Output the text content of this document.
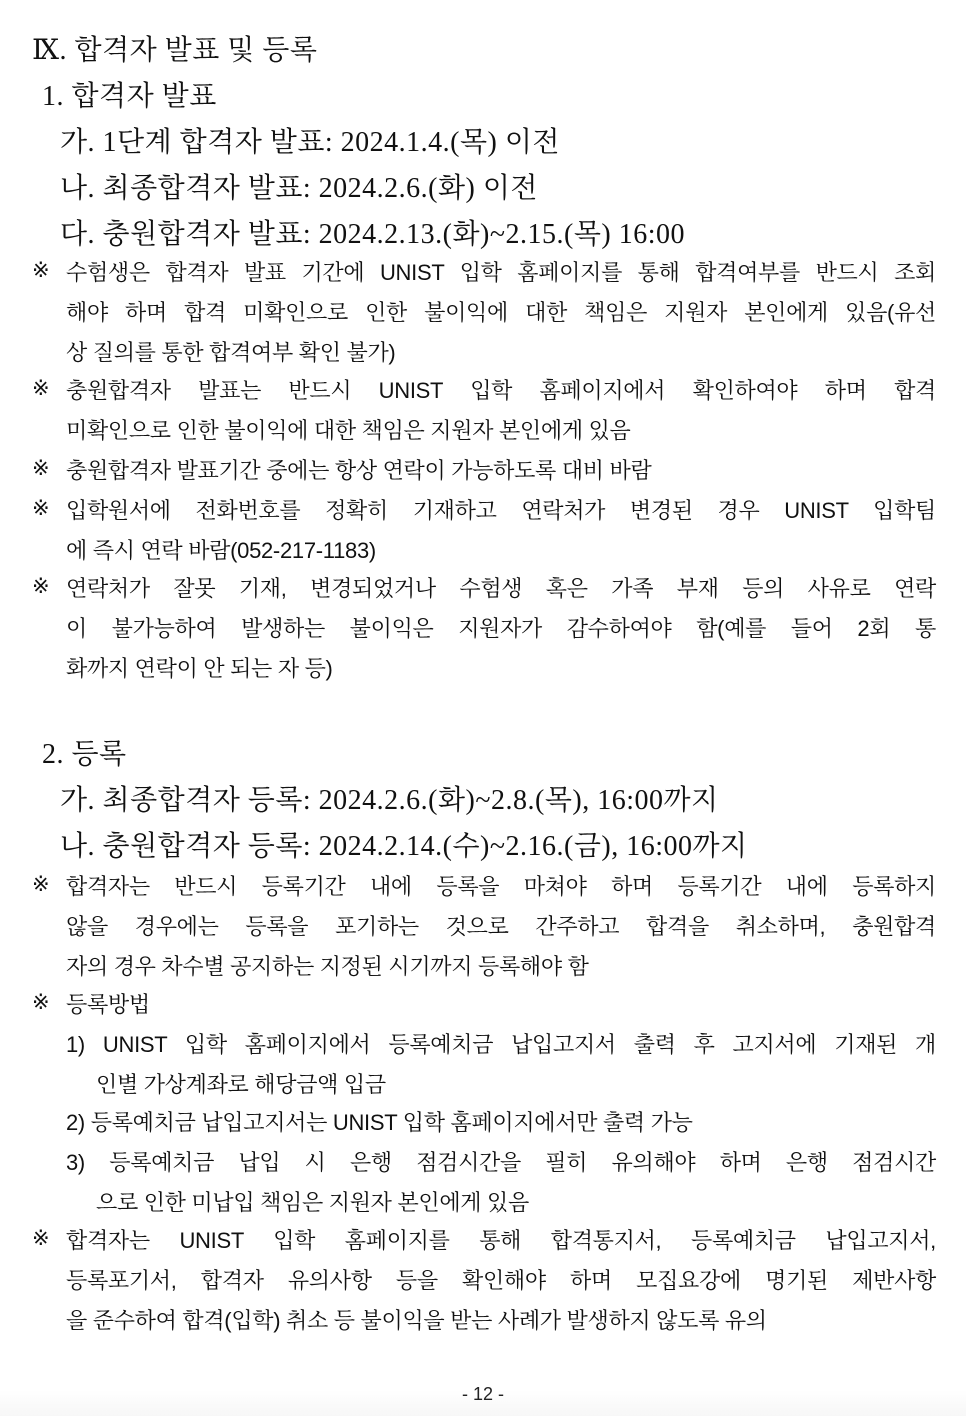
Ⅸ. 합격자 발표 및 등록
1. 합격자 발표
가. 1단계 합격자 발표: 2024.1.4.(목) 이전
나. 최종합격자 발표: 2024.2.6.(화) 이전
다. 충원합격자 발표: 2024.2.13.(화)~2.15.(목) 16:00
※ 수험생은 합격자 발표 기간에 UNIST 입학 홈페이지를 통해 합격여부를 반드시 조회
해야 하며 합격 미확인으로 인한 불이익에 대한 책임은 지원자 본인에게 있음(유선
상 질의를 통한 합격여부 확인 불가)
※ 충원합격자 발표는 반드시 UNIST 입학 홈페이지에서 확인하여야 하며 합격
미확인으로 인한 불이익에 대한 책임은 지원자 본인에게 있음
※ 충원합격자 발표기간 중에는 항상 연락이 가능하도록 대비 바람
※ 입학원서에 전화번호를 정확히 기재하고 연락처가 변경된 경우 UNIST 입학팀
에 즉시 연락 바람(052-217-1183)
※ 연락처가 잘못 기재, 변경되었거나 수험생 혹은 가족 부재 등의 사유로 연락
이 불가능하여 발생하는 불이익은 지원자가 감수하여야 함(예를 들어 2회 통
화까지 연락이 안 되는 자 등)
2. 등록
가. 최종합격자 등록: 2024.2.6.(화)~2.8.(목), 16:00까지
나. 충원합격자 등록: 2024.2.14.(수)~2.16.(금), 16:00까지
※ 합격자는 반드시 등록기간 내에 등록을 마쳐야 하며 등록기간 내에 등록하지
않을 경우에는 등록을 포기하는 것으로 간주하고 합격을 취소하며, 충원합격
자의 경우 차수별 공지하는 지정된 시기까지 등록해야 함
※ 등록방법
1) UNIST 입학 홈페이지에서 등록예치금 납입고지서 출력 후 고지서에 기재된 개
인별 가상계좌로 해당금액 입금
2) 등록예치금 납입고지서는 UNIST 입학 홈페이지에서만 출력 가능
3) 등록예치금 납입 시 은행 점검시간을 필히 유의해야 하며 은행 점검시간
으로 인한 미납입 책임은 지원자 본인에게 있음
※ 합격자는 UNIST 입학 홈페이지를 통해 합격통지서, 등록예치금 납입고지서,
등록포기서, 합격자 유의사항 등을 확인해야 하며 모집요강에 명기된 제반사항
을 준수하여 합격(입학) 취소 등 불이익을 받는 사례가 발생하지 않도록 유의
- 12 -
